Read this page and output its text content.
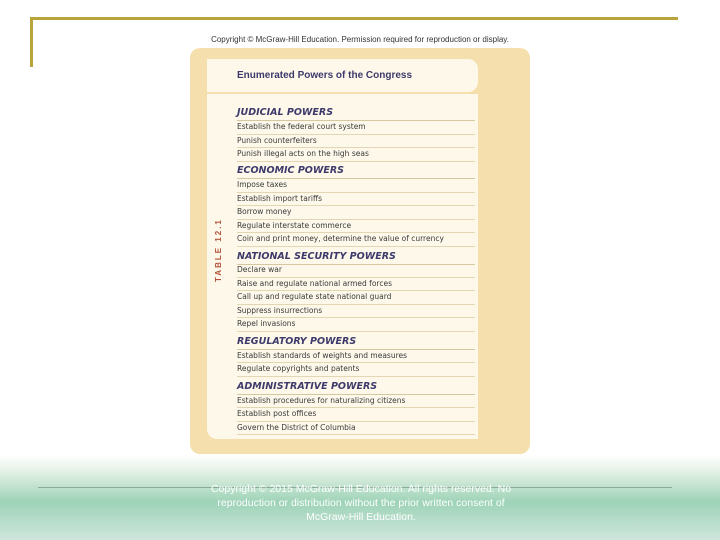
Copyright © McGraw-Hill Education. Permission required for reproduction or display.
Enumerated Powers of the Congress
TABLE 12.1
JUDICIAL POWERS
Establish the federal court system
Punish counterfeiters
Punish illegal acts on the high seas
ECONOMIC POWERS
Impose taxes
Establish import tariffs
Borrow money
Regulate interstate commerce
Coin and print money, determine the value of currency
NATIONAL SECURITY POWERS
Declare war
Raise and regulate national armed forces
Call up and regulate state national guard
Suppress insurrections
Repel invasions
REGULATORY POWERS
Establish standards of weights and measures
Regulate copyrights and patents
ADMINISTRATIVE POWERS
Establish procedures for naturalizing citizens
Establish post offices
Govern the District of Columbia
Copyright © 2015 McGraw-Hill Education. All rights reserved. No
reproduction or distribution without the prior written consent of
McGraw-Hill Education.
